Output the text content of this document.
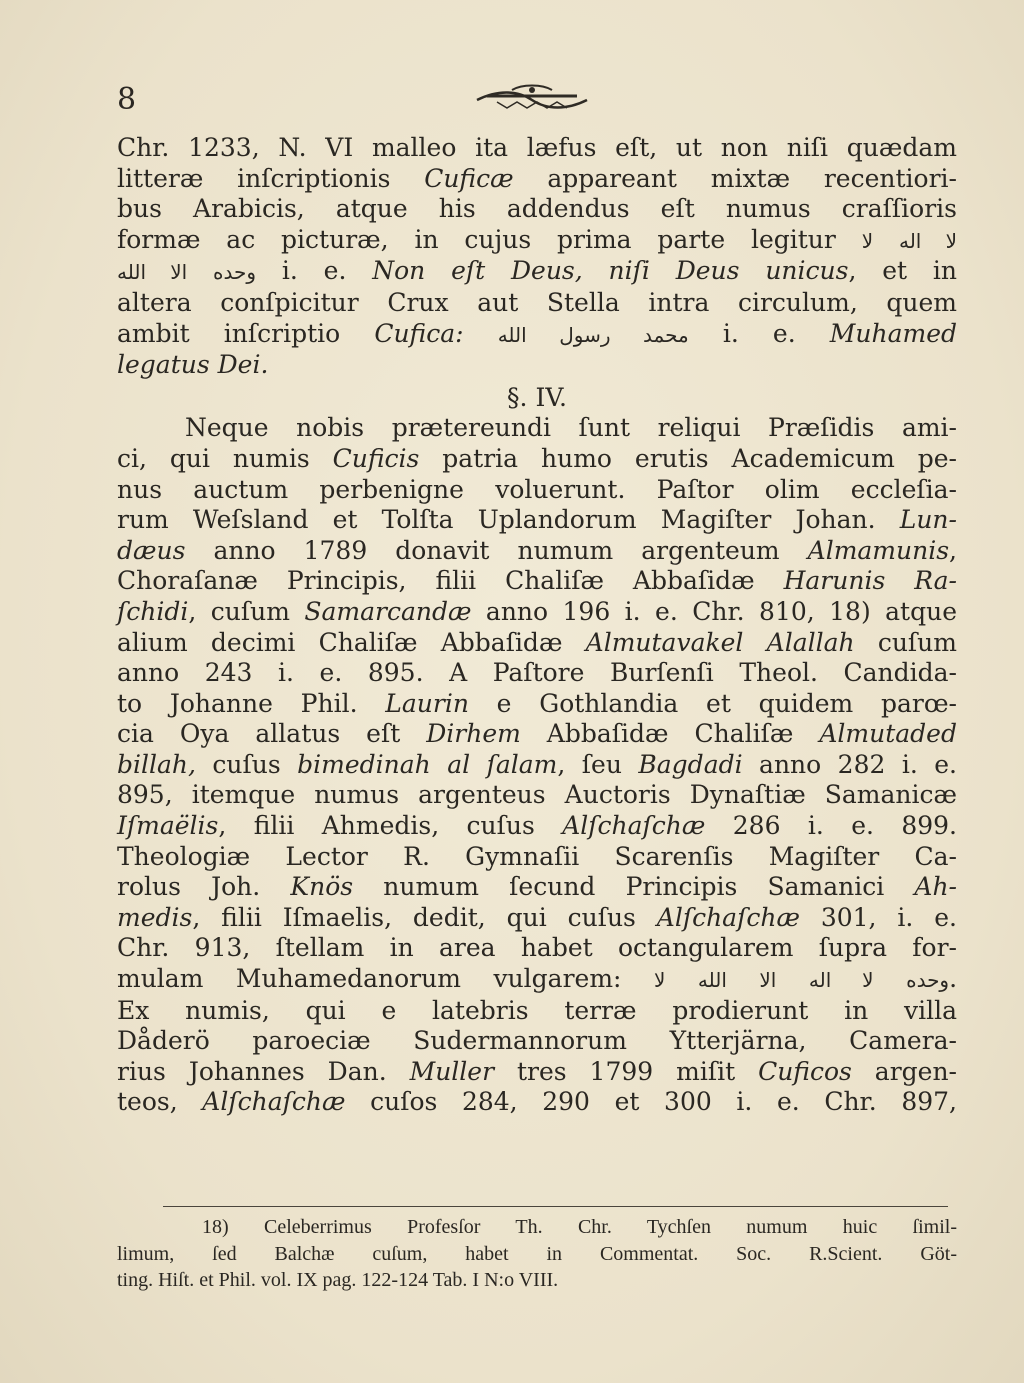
8
Chr. 1233, N. VI malleo ita læfus eſt, ut non niſi quædam
litteræ inſcriptionis Cuficæ appareant mixtæ recentiori-
bus Arabicis, atque his addendus eſt numus craſſioris
formæ ac picturæ, in cujus prima parte legitur لا اله لا
وحده الا الله	i. e. Non eſt Deus, niſi Deus unicus, et in
altera conſpicitur Crux aut Stella intra circulum, quem
ambit inſcriptio Cufica: محمد رسول الله i. e. Muhamed
legatus Dei.
§. IV.
Neque nobis prætereundi ſunt reliqui Præſidis ami-
ci, qui numis Cuficis patria humo erutis Academicum pe-
nus auctum perbenigne voluerunt. Paſtor olim eccleſia-
rum Weſsland et Tolſta Uplandorum Magiſter Johan. Lun-
dæus anno 1789 donavit numum argenteum Almamunis,
Choraſanæ Principis, filii Chaliſæ Abbaſidæ Harunis Ra-
ſchidi, cuſum Samarcandæ anno 196 i. e. Chr. 810, 18) atque
alium decimi Chaliſæ Abbaſidæ Almutavakel Alallah cuſum
anno 243 i. e. 895. A Paſtore Burſenſi Theol. Candida-
to Johanne Phil. Laurin e Gothlandia et quidem parœ-
cia Oya allatus eſt Dirhem Abbaſidæ Chaliſæ Almutaded
billah, cuſus bimedinah al ſalam, ſeu Bagdadi anno 282 i. e.
895, itemque numus argenteus Auctoris Dynaſtiæ Samanicæ
Iſmaëlis, filii Ahmedis, cuſus Alſchaſchæ 286 i. e. 899.
Theologiæ Lector R. Gymnaſii Scarenſis Magiſter Ca-
rolus Joh. Knös numum ſecund Principis Samanici Ah-
medis, filii Iſmaelis, dedit, qui cuſus Alſchaſchæ 301, i. e.
Chr. 913, ſtellam in area habet octangularem ſupra for-
mulam Muhamedanorum vulgarem:	وحده لا اله الا الله لا	.
Ex numis, qui e latebris terræ prodierunt in villa
Dåderö paroeciæ Sudermannorum Ytterjärna, Camera-
rius Johannes Dan. Muller tres 1799 miſit Cuficos argen-
teos, Alſchaſchæ cuſos 284, 290 et 300 i. e. Chr. 897,
18) Celeberrimus Profesſor Th. Chr. Tychſen numum huic ſimil-
limum, ſed Balchæ cuſum, habet in Commentat. Soc. R.Scient. Göt-
ting. Hiſt. et Phil. vol. IX pag. 122-124 Tab. I N:o VIII.
